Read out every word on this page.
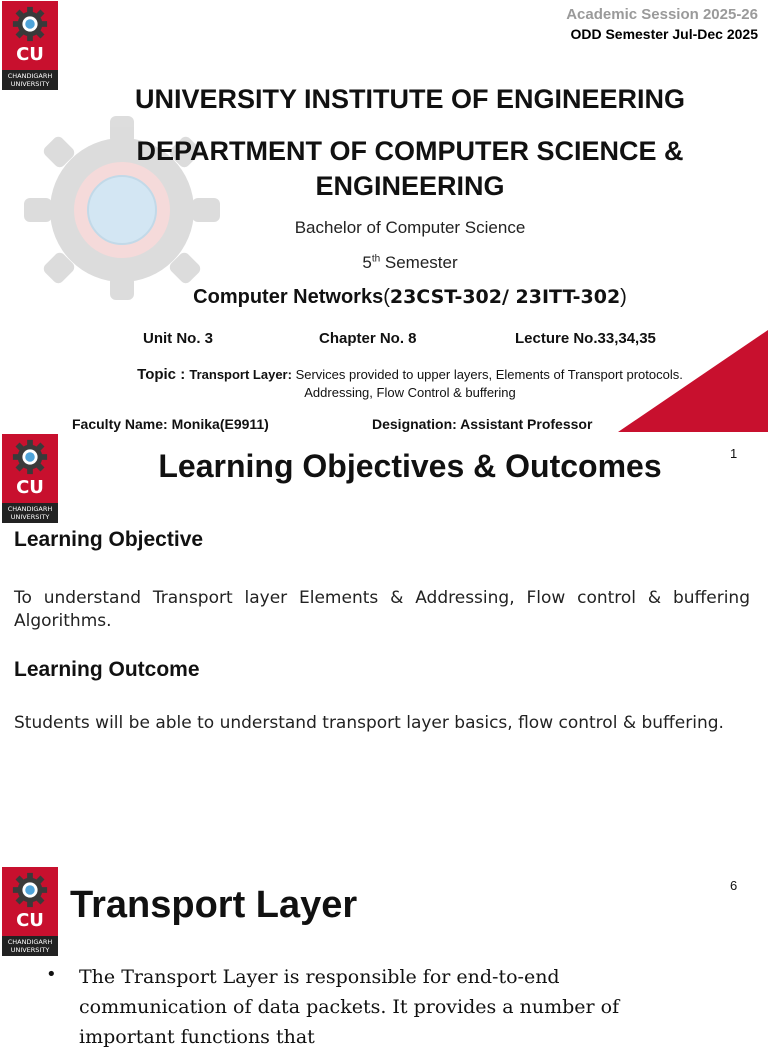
CU
CHANDIGARH UNIVERSITY
Academic Session 2025-26
ODD Semester Jul-Dec 2025
UNIVERSITY INSTITUTE OF ENGINEERING
DEPARTMENT OF COMPUTER SCIENCE & ENGINEERING
Bachelor of Computer Science
5th Semester
Computer Networks(23CST-302/ 23ITT-302)
Unit No. 3	Chapter No. 8	Lecture No.33,34,35
Topic : Transport Layer: Services provided to upper layers, Elements of Transport protocols.
Addressing, Flow Control & buffering
Faculty Name: Monika(E9911)	Designation: Assistant Professor
1
CU
CHANDIGARH UNIVERSITY
Learning Objectives & Outcomes
Learning Objective
To understand Transport layer Elements & Addressing, Flow control & buffering Algorithms.
Learning Outcome
Students will be able to understand transport layer basics, flow control & buffering.
6
CU
CHANDIGARH UNIVERSITY
Transport Layer
• The Transport Layer is responsible for end-to-end communication of data packets. It provides a number of important functions that
